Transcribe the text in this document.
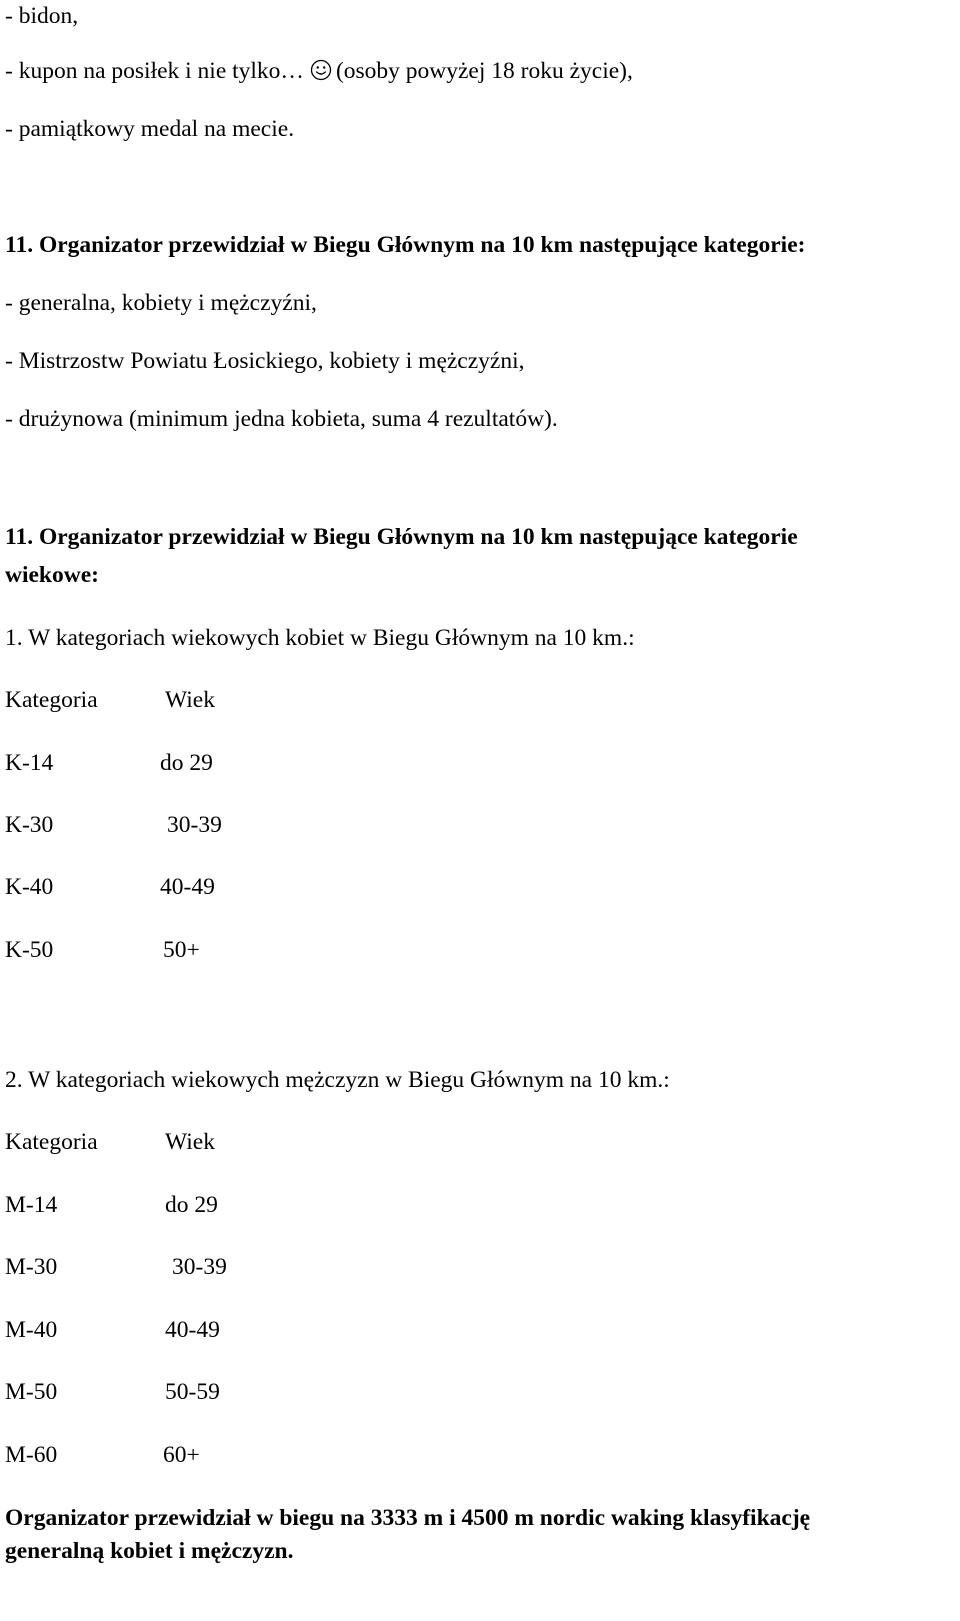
- bidon,
- kupon na posiłek i nie tylko… (osoby powyżej 18 roku życie),
- pamiątkowy medal na mecie.
11. Organizator przewidział w Biegu Głównym na 10 km następujące kategorie:
- generalna, kobiety i mężczyźni,
- Mistrzostw Powiatu Łosickiego, kobiety i mężczyźni,
- drużynowa (minimum jedna kobieta, suma 4 rezultatów).
11. Organizator przewidział w Biegu Głównym na 10 km następujące kategorie
wiekowe:
1. W kategoriach wiekowych kobiet w Biegu Głównym na 10 km.:
Kategoria	Wiek
K-14	do 29
K-30	30-39
K-40	40-49
K-50	50+
2. W kategoriach wiekowych mężczyzn w Biegu Głównym na 10 km.:
Kategoria	Wiek
M-14	do 29
M-30	30-39
M-40	40-49
M-50	50-59
M-60	60+
Organizator przewidział w biegu na 3333 m i 4500 m nordic waking klasyfikację
generalną kobiet i mężczyzn.
